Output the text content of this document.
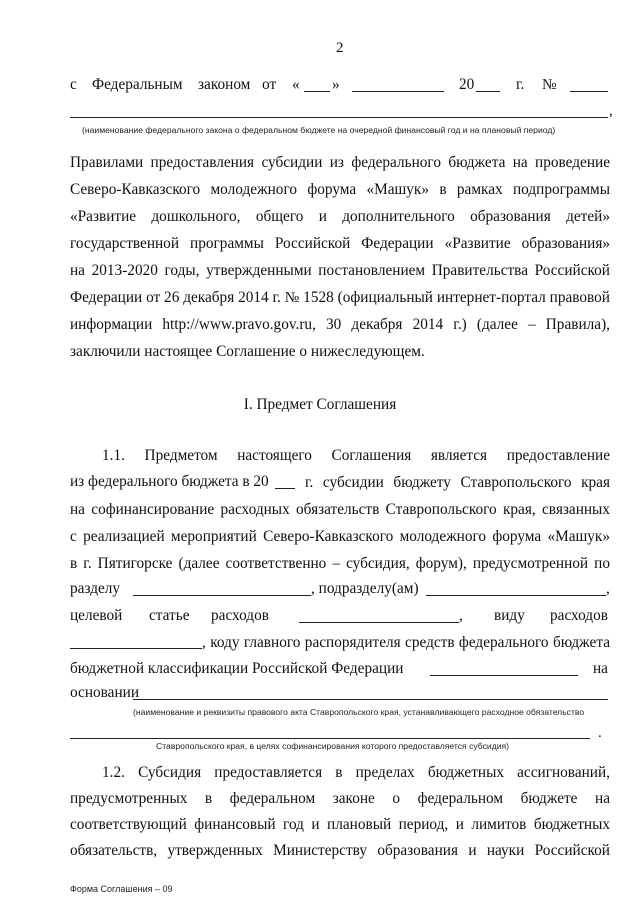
2
с Федеральным законом от « »	20	г. №
,
(наименование федерального закона о федеральном бюджете на очередной финансовый год и на плановый период)
Правилами предоставления субсидии из федерального бюджета на проведение
Северо-Кавказского молодежного форума «Машук» в рамках подпрограммы
«Развитие дошкольного, общего и дополнительного образования детей»
государственной программы Российской Федерации «Развитие образования»
на 2013-2020 годы, утвержденными постановлением Правительства Российской
Федерации от 26 декабря 2014 г. № 1528 (официальный интернет-портал правовой
информации http://www.pravo.gov.ru, 30 декабря 2014 г.) (далее – Правила),
заключили настоящее Соглашение о нижеследующем.
I. Предмет Соглашения
1.1. Предметом настоящего Соглашения является предоставление
из федерального бюджета в 20 г. субсидии бюджету Ставропольского края
на софинансирование расходных обязательств Ставропольского края, связанных
с реализацией мероприятий Северо-Кавказского молодежного форума «Машук»
в г. Пятигорске (далее соответственно – субсидия, форум), предусмотренной по
разделу	, подразделу(ам)	,
целевой статье расходов	, виду расходов
, коду главного распорядителя средств федерального бюджета
бюджетной классификации Российской Федерации	на
основании
(наименование и реквизиты правового акта Ставропольского края, устанавливающего расходное обязательство
.
Ставропольского края, в целях софинансирования которого предоставляется субсидия)
1.2. Субсидия предоставляется в пределах бюджетных ассигнований,
предусмотренных в федеральном законе о федеральном бюджете на
соответствующий финансовый год и плановый период, и лимитов бюджетных
обязательств, утвержденных Министерству образования и науки Российской
Форма Соглашения – 09
